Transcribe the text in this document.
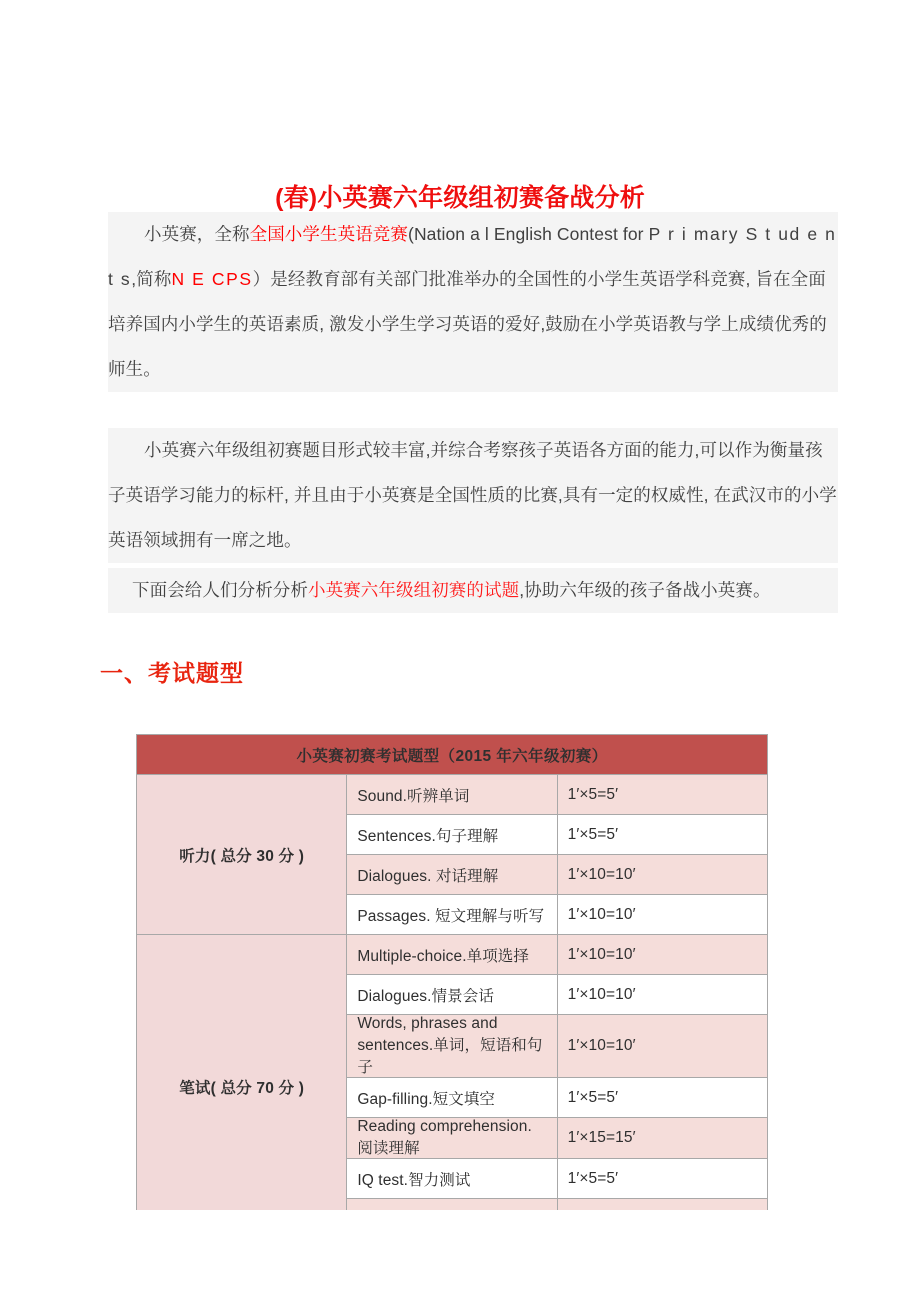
(春)小英赛六年级组初赛备战分析
小英赛，全称全国小学生英语竞赛(Nation a l English Contest for P r i mary S t ud e n t s,简称N E CPS）是经教育部有关部门批准举办的全国性的小学生英语学科竞赛, 旨在全面培养国内小学生的英语素质, 激发小学生学习英语的爱好,鼓励在小学英语教与学上成绩优秀的师生。
小英赛六年级组初赛题目形式较丰富,并综合考察孩子英语各方面的能力,可以作为衡量孩子英语学习能力的标杆, 并且由于小英赛是全国性质的比赛,具有一定的权威性, 在武汉市的小学英语领域拥有一席之地。
下面会给人们分析分析小英赛六年级组初赛的试题,协助六年级的孩子备战小英赛。
一、考试题型
小英赛初赛考试题型（2015 年六年级初赛）		
听力( 总分 30 分 )	Sound.听辨单词	1′×5=5′
	Sentences.句子理解	1′×5=5′
	Dialogues. 对话理解	1′×10=10′
	Passages. 短文理解与听写	1′×10=10′
笔试( 总分 70 分 )	Multiple-choice.单项选择	1′×10=10′
	Dialogues.情景会话	1′×10=10′
	Words, phrases and sentences.单词，短语和句子	1′×10=10′
	Gap-filling.短文填空	1′×5=5′
	Reading comprehension.阅读理解	1′×15=15′
	IQ test.智力测试	1′×5=5′
